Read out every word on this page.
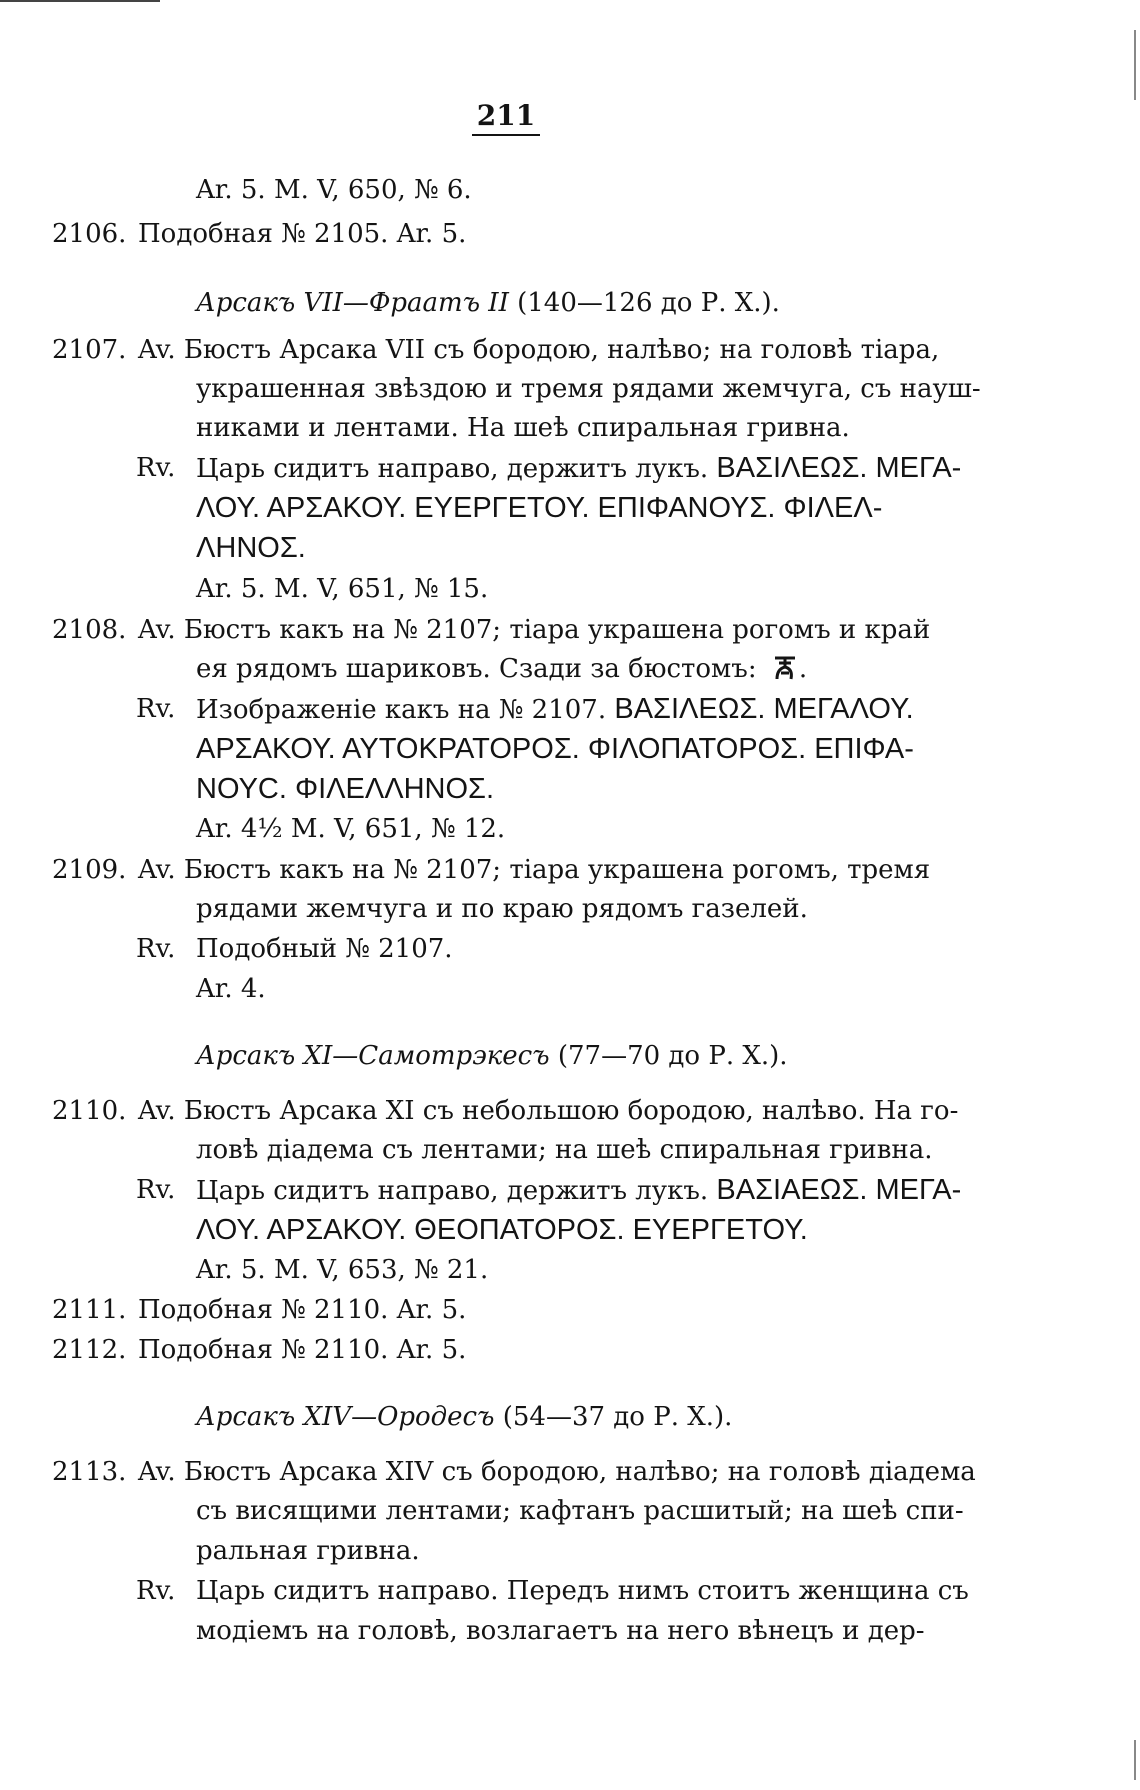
211
Ar. 5. M. V, 650, № 6.
2106. Подобная № 2105. Ar. 5.
Арсакъ VII—Фраатъ II (140—126 до Р. Х.).
2107. Av. Бюстъ Арсака VII съ бородою, налѣво; на головѣ тіара,
украшенная звѣздою и тремя рядами жемчуга, съ науш-
никами и лентами. На шеѣ спиральная гривна.
Rv. Царь сидитъ направо, держитъ лукъ. ΒΑΣΙΛΕΩΣ. ΜΕΓΑ-
ΛΟΥ. ΑΡΣΑΚΟΥ. ΕΥΕΡΓΕΤΟΥ. ΕΠΙΦΑΝΟΥΣ. ΦΙΛΕΛ-
ΛΗΝΟΣ.
Ar. 5. M. V, 651, № 15.
2108. Av. Бюстъ какъ на № 2107; тіара украшена рогомъ и край
ея рядомъ шариковъ. Сзади за бюстомъ: .
Rv. Изображеніе какъ на № 2107. ΒΑΣΙΛΕΩΣ. ΜΕΓΑΛΟΥ.
ΑΡΣΑΚΟΥ. ΑΥΤΟΚΡΑΤΟΡΟΣ. ΦΙΛΟΠΑΤΟΡΟΣ. ΕΠΙΦΑ-
ΝΟΥC. ΦΙΛΕΛΛΗΝΟΣ.
Ar. 4½ M. V, 651, № 12.
2109. Av. Бюстъ какъ на № 2107; тіара украшена рогомъ, тремя
рядами жемчуга и по краю рядомъ газелей.
Rv. Подобный № 2107.
Ar. 4.
Арсакъ XI—Самотрэкесъ (77—70 до Р. Х.).
2110. Av. Бюстъ Арсака XI съ небольшою бородою, налѣво. На го-
ловѣ діадема съ лентами; на шеѣ спиральная гривна.
Rv. Царь сидитъ направо, держитъ лукъ. ΒΑΣΙΑΕΩΣ. ΜΕΓΑ-
ΛΟΥ. ΑΡΣΑΚΟΥ. ΘΕΟΠΑΤΟΡΟΣ. ΕΥΕΡΓΕΤΟΥ.
Ar. 5. M. V, 653, № 21.
2111. Подобная № 2110. Ar. 5.
2112. Подобная № 2110. Ar. 5.
Арсакъ XIV—Ородесъ (54—37 до Р. Х.).
2113. Av. Бюстъ Арсака XIV съ бородою, налѣво; на головѣ діадема
съ висящими лентами; кафтанъ расшитый; на шеѣ спи-
ральная гривна.
Rv. Царь сидитъ направо. Передъ нимъ стоитъ женщина съ
модіемъ на головѣ, возлагаетъ на него вѣнецъ и дер-
